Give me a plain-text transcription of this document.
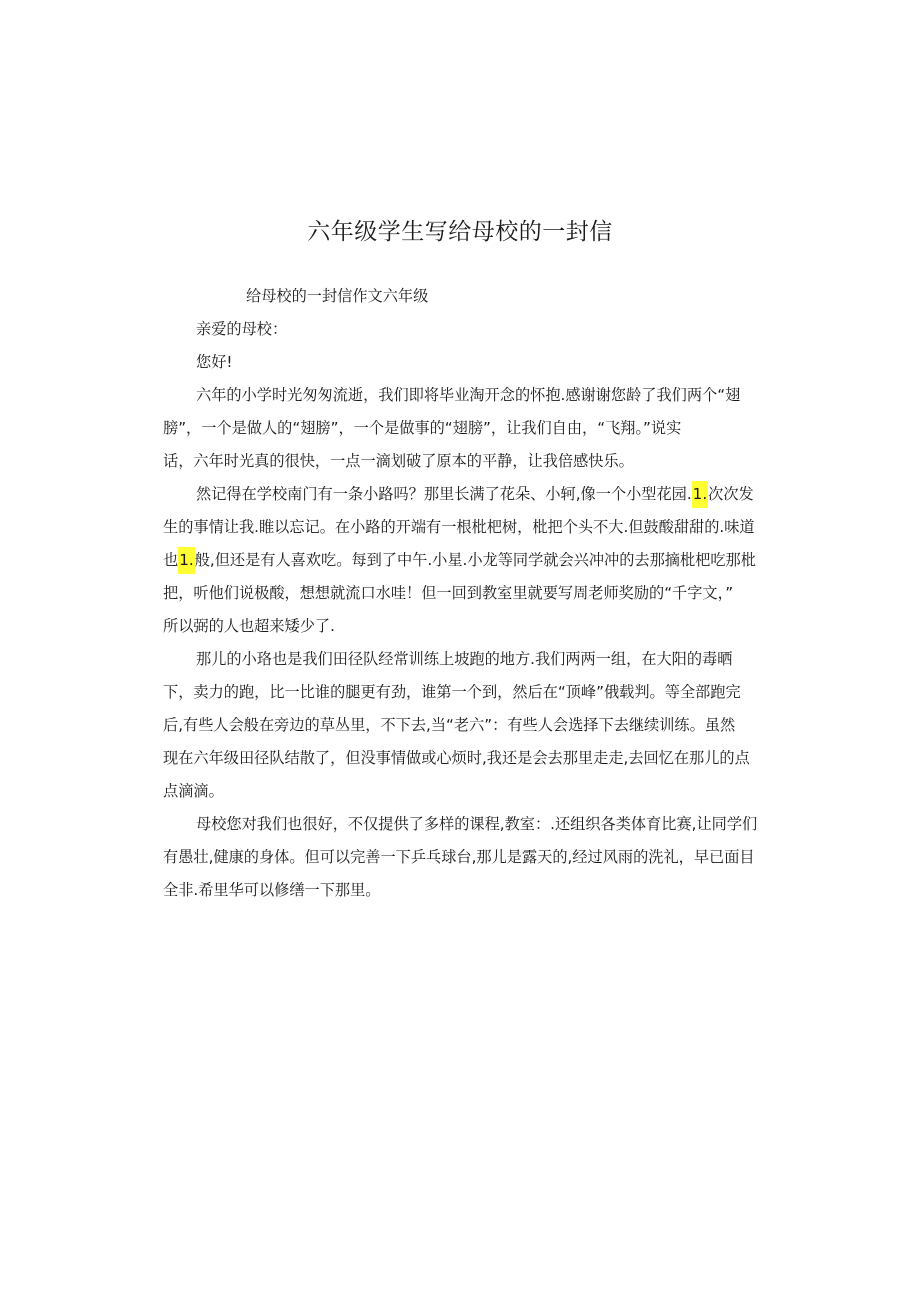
六年级学生写给母校的一封信

给母校的一封信作文六年级

亲爱的母校：

您好!

六年的小学时光匆匆流逝，我们即将毕业淘开念的怀抱.感谢谢您龄了我们两个“翅
膀”，一个是做人的“翅膀”，一个是做事的“翅膀”，让我们自由，“飞翔。”说实
话，六年时光真的很快，一点一滴划破了原本的平静，让我倍感快乐。
然记得在学校南门有一条小路吗？那里长满了花朵、小轲,像一个小型花园.1.次次发
生的事情让我.睢以忘记。在小路的开端有一根枇杷树，枇把个头不大.但鼓酸甜甜的.味道
也1.般,但还是有人喜欢吃。每到了中午.小星.小龙等同学就会兴冲冲的去那摘枇杷吃那枇
把，听他们说极酸，想想就流口水哇！但一回到教室里就要写周老师奖励的“千字文，”
所以弼的人也超来矮少了.
那儿的小珞也是我们田径队经常训练上坡跑的地方.我们两两一组，在大阳的毒晒
下，卖力的跑，比一比谁的腿更有劲，谁第一个到，然后在“顶峰”俄载判。等全部跑完
后,有些人会般在旁边的草丛里，不下去,当“老六”：有些人会选择下去继续训练。虽然
现在六年级田径队结散了，但没事情做或心烦时,我还是会去那里走走,去回忆在那儿的点
点滴滴。
母校您对我们也很好，不仅提供了多样的课程,教室：.还组织各类体育比赛,让同学们
有愚壮,健康的身体。但可以完善一下乒乓球台,那儿是露天的,经过风雨的洗礼，早已面目
全非.希里华可以修缮一下那里。
